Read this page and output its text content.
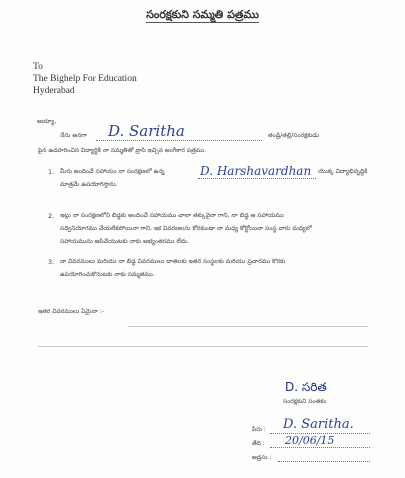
సంరక్షకుని సమ్మతి పత్రము
To
The Bighelp For Education
Hyderabad
అయ్యా,
నేను అనగా D. Saritha	తండ్రి/తల్లి/సంరక్షకుడు
పైన ఉదహరించిన విద్యార్థికి నా సమ్మతితో వ్రాసి ఇచ్చిన అంగీకార పత్రము.
1. మీరు అందించే సహాయం నా సంరక్షణలో ఉన్న	D. Harshavardhan యొక్క విద్యాభివృద్ధికి
మాత్రమే ఉపయోగిస్తాను.
2. ఇట్లు నా సంరక్షణలోని బిడ్డకు అందించే సహాయము చాలా తక్కువైనా గాని, నా బిడ్డ ఆ సహాయము
సద్వినియోగము చేయలేకపోయినా గాని, ఇక వివరణలను కోరకుండా నా మధ్య కోర్టోయినా సంస్థ వారు మధ్యలో
సహాయమును ఆపివేయుటకు నాకు అభ్యంతరము లేదు.
3. నా వివరములు మరియు నా బిడ్డ వివరములు దాతలకు ఇతర సంస్థలకు మరియు ప్రచారము కొరకు
ఉపయోగించుకొనుటకు నాకు సమ్మతము.
ఇతర వివరములు ఏమైనా :-
D. సరిత
సంరక్షకుని సంతకం
పేరు : D. Saritha.
తేది : 20/06/15
అడ్రసు :
